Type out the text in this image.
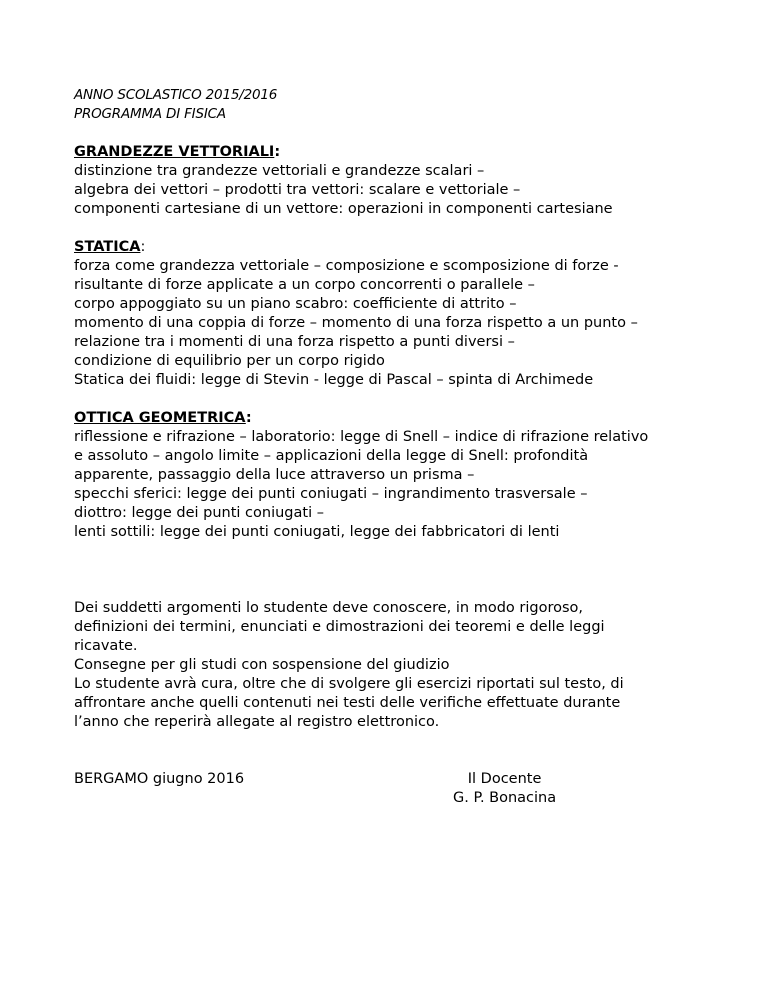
ANNO SCOLASTICO 2015/2016
PROGRAMMA DI FISICA
GRANDEZZE VETTORIALI:
distinzione tra grandezze vettoriali e grandezze scalari –
algebra dei vettori – prodotti tra vettori: scalare e vettoriale –
componenti cartesiane di un vettore: operazioni in componenti cartesiane
STATICA:
forza come grandezza vettoriale – composizione e scomposizione di forze -
risultante di forze applicate a un corpo concorrenti o parallele –
corpo appoggiato su un piano scabro: coefficiente di attrito –
momento di una coppia di forze – momento di una forza rispetto a un punto –
relazione tra i momenti di una forza rispetto a punti diversi –
condizione di equilibrio per un corpo rigido
Statica dei fluidi: legge di Stevin - legge di Pascal – spinta di Archimede
OTTICA GEOMETRICA:
riflessione e rifrazione – laboratorio: legge di Snell – indice di rifrazione relativo
e assoluto – angolo limite – applicazioni della legge di Snell: profondità
apparente, passaggio della luce attraverso un prisma –
specchi sferici: legge dei punti coniugati – ingrandimento trasversale –
diottro: legge dei punti coniugati –
lenti sottili: legge dei punti coniugati, legge dei fabbricatori di lenti
Dei suddetti argomenti lo studente deve conoscere, in modo rigoroso,
definizioni dei termini, enunciati e dimostrazioni dei teoremi e delle leggi
ricavate.
Consegne per gli studi con sospensione del giudizio
Lo studente avrà cura, oltre che di svolgere gli esercizi riportati sul testo, di
affrontare anche quelli contenuti nei testi delle verifiche effettuate durante
l’anno che reperirà allegate al registro elettronico.
BERGAMO giugno 2016	Il Docente
G. P. Bonacina
